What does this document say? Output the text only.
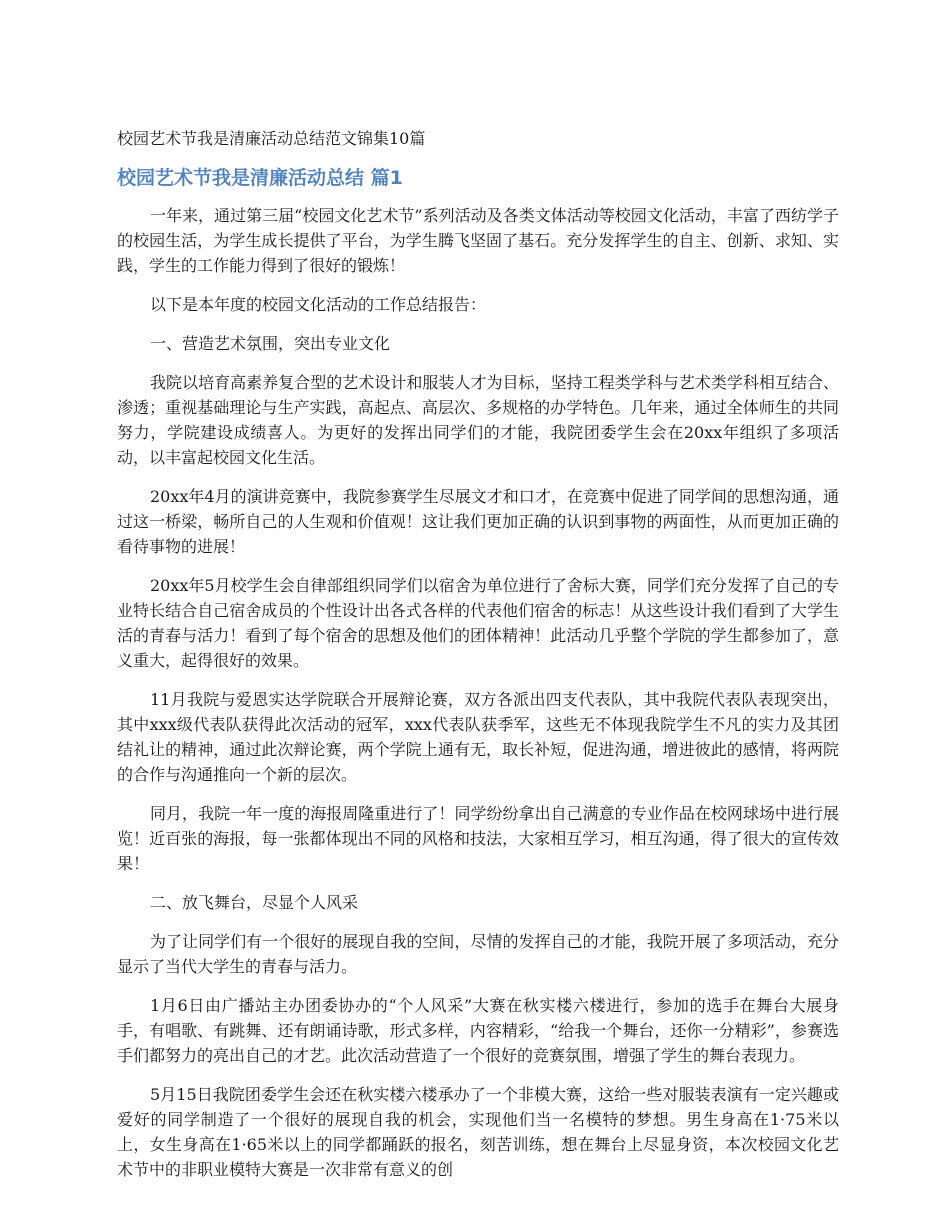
校园艺术节我是清廉活动总结范文锦集10篇

校园艺术节我是清廉活动总结 篇1

一年来，通过第三届“校园文化艺术节”系列活动及各类文体活动等校园文化活动，丰富了西纺学子的校园生活，为学生成长提供了平台，为学生腾飞坚固了基石。充分发挥学生的自主、创新、求知、实践，学生的工作能力得到了很好的锻炼！

以下是本年度的校园文化活动的工作总结报告：

一、营造艺术氛围，突出专业文化

我院以培育高素养复合型的艺术设计和服装人才为目标，坚持工程类学科与艺术类学科相互结合、渗透；重视基础理论与生产实践，高起点、高层次、多规格的办学特色。几年来，通过全体师生的共同努力，学院建设成绩喜人。为更好的发挥出同学们的才能，我院团委学生会在20xx年组织了多项活动，以丰富起校园文化生活。

20xx年4月的演讲竞赛中，我院参赛学生尽展文才和口才，在竞赛中促进了同学间的思想沟通，通过这一桥梁，畅所自己的人生观和价值观！这让我们更加正确的认识到事物的两面性，从而更加正确的看待事物的进展！

20xx年5月校学生会自律部组织同学们以宿舍为单位进行了舍标大赛，同学们充分发挥了自己的专业特长结合自己宿舍成员的个性设计出各式各样的代表他们宿舍的标志！从这些设计我们看到了大学生活的青春与活力！看到了每个宿舍的思想及他们的团体精神！此活动几乎整个学院的学生都参加了，意义重大，起得很好的效果。

11月我院与爱恩实达学院联合开展辩论赛，双方各派出四支代表队，其中我院代表队表现突出，其中xxx级代表队获得此次活动的冠军，xxx代表队获季军，这些无不体现我院学生不凡的实力及其团结礼让的精神，通过此次辩论赛，两个学院上通有无，取长补短，促进沟通，增进彼此的感情，将两院的合作与沟通推向一个新的层次。

同月，我院一年一度的海报周隆重进行了！同学纷纷拿出自己满意的专业作品在校网球场中进行展览！近百张的海报，每一张都体现出不同的风格和技法，大家相互学习，相互沟通，得了很大的宣传效果！

二、放飞舞台，尽显个人风采

为了让同学们有一个很好的展现自我的空间，尽情的发挥自己的才能，我院开展了多项活动，充分显示了当代大学生的青春与活力。

1月6日由广播站主办团委协办的“个人风采”大赛在秋实楼六楼进行，参加的选手在舞台大展身手，有唱歌、有跳舞、还有朗诵诗歌，形式多样，内容精彩，“给我一个舞台，还你一分精彩”，参赛选手们都努力的亮出自己的才艺。此次活动营造了一个很好的竞赛氛围，增强了学生的舞台表现力。

5月15日我院团委学生会还在秋实楼六楼承办了一个非模大赛，这给一些对服装表演有一定兴趣或爱好的同学制造了一个很好的展现自我的机会，实现他们当一名模特的梦想。男生身高在1·75米以上，女生身高在1·65米以上的同学都踊跃的报名，刻苦训练，想在舞台上尽显身资，本次校园文化艺术节中的非职业模特大赛是一次非常有意义的创
